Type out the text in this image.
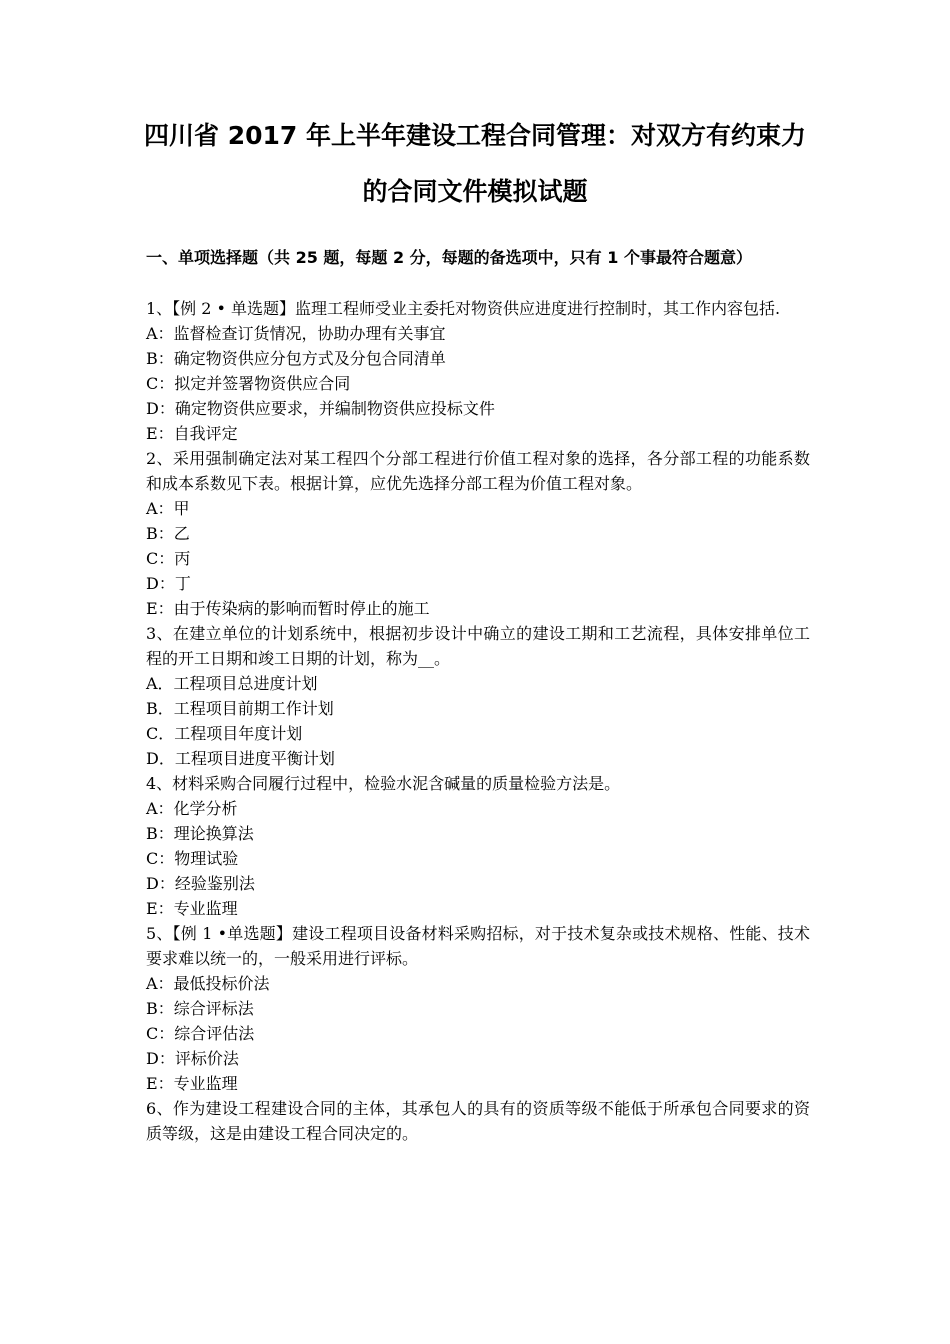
四川省 2017 年上半年建设工程合同管理：对双方有约束力
的合同文件模拟试题
一、单项选择题（共 25 题，每题 2 分，每题的备选项中，只有 1 个事最符合题意）

1、【例 2 • 单选题】监理工程师受业主委托对物资供应进度进行控制时，其工作内容包括.

A：监督检查订货情况，协助办理有关事宜

B：确定物资供应分包方式及分包合同清单

C：拟定并签署物资供应合同

D：确定物资供应要求，并编制物资供应投标文件

E：自我评定

2、采用强制确定法对某工程四个分部工程进行价值工程对象的选择，各分部工程的功能系数和成本系数见下表。根据计算，应优先选择分部工程为价值工程对象。

A：甲

B：乙

C：丙

D：丁

E：由于传染病的影响而暂时停止的施工

3、在建立单位的计划系统中，根据初步设计中确立的建设工期和工艺流程，具体安排单位工程的开工日期和竣工日期的计划，称为__。

A．工程项目总进度计划

B．工程项目前期工作计划

C．工程项目年度计划

D．工程项目进度平衡计划

4、材料采购合同履行过程中，检验水泥含碱量的质量检验方法是。

A：化学分析

B：理论换算法

C：物理试验

D：经验鉴别法

E：专业监理

5、【例 1 •单选题】建设工程项目设备材料采购招标，对于技术复杂或技术规格、性能、技术要求难以统一的，一般采用进行评标。

A：最低投标价法

B：综合评标法

C：综合评估法

D：评标价法

E：专业监理

6、作为建设工程建设合同的主体，其承包人的具有的资质等级不能低于所承包合同要求的资质等级，这是由建设工程合同决定的。
